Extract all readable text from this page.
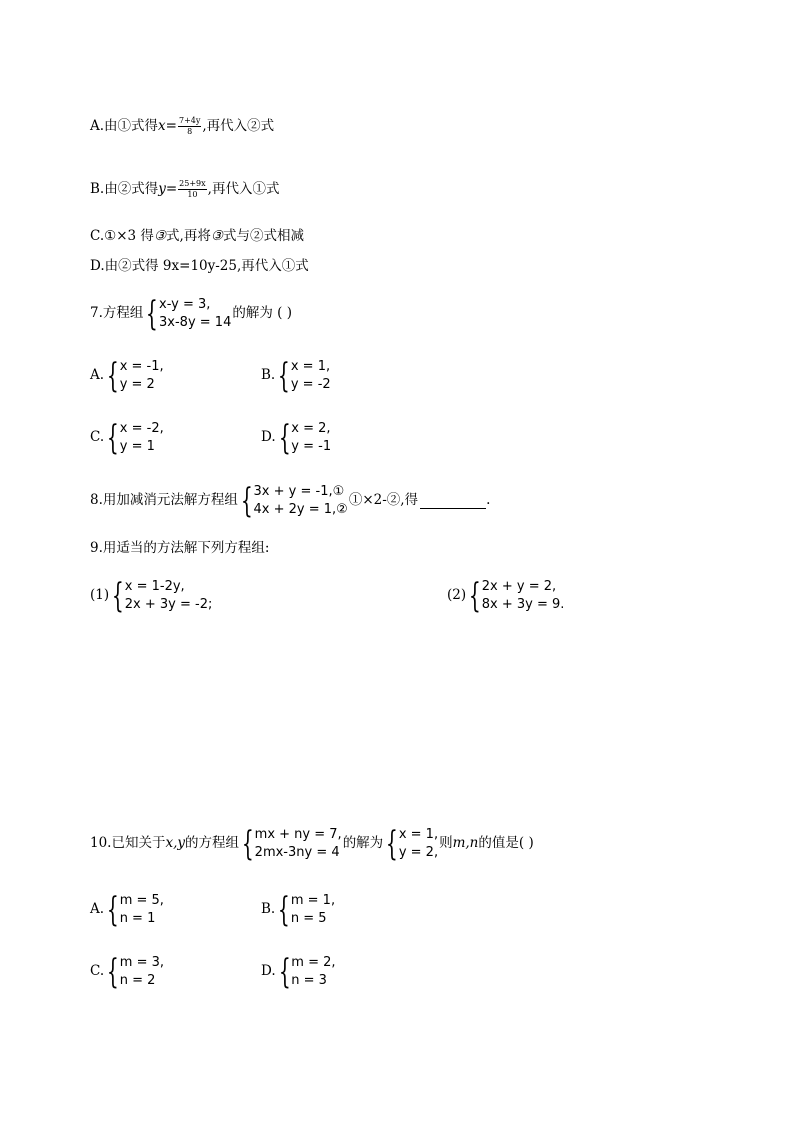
A.由①式得 $x = \frac{7+4y}{8}$ ,再代入②式
B.由②式得 $y = \frac{25+9x}{10}$ ,再代入①式
C.①×3 得 ③ 式,再将 ③ 式与②式相减
D.由②式得 9x=10y-25,再代入①式
7.方程组 { x-y = 3,
3x-8y = 14
的解为 ( )
A. { x = -1,
y = 2
B. { x = 1,
y = -2
C. { x = -2,
y = 1
D. { x = 2,
y = -1
8.用加减消元法解方程组 { 3x + y = -1,①
4x + 2y = 1,②
①×2-②,得	.
9.用适当的方法解下列方程组:
(1) { x = 1-2y,
2x + 3y = -2;
(2) { 2x + y = 2,
8x + 3y = 9.
10.已知关于 x,y 的方程组 { mx + ny = 7,
2mx-3ny = 4
的解为 { x = 1,
y = 2,
则 m,n 的值是( )
A. { m = 5,
n = 1
B. { m = 1,
n = 5
C. { m = 3,
n = 2
D. { m = 2,
n = 3
